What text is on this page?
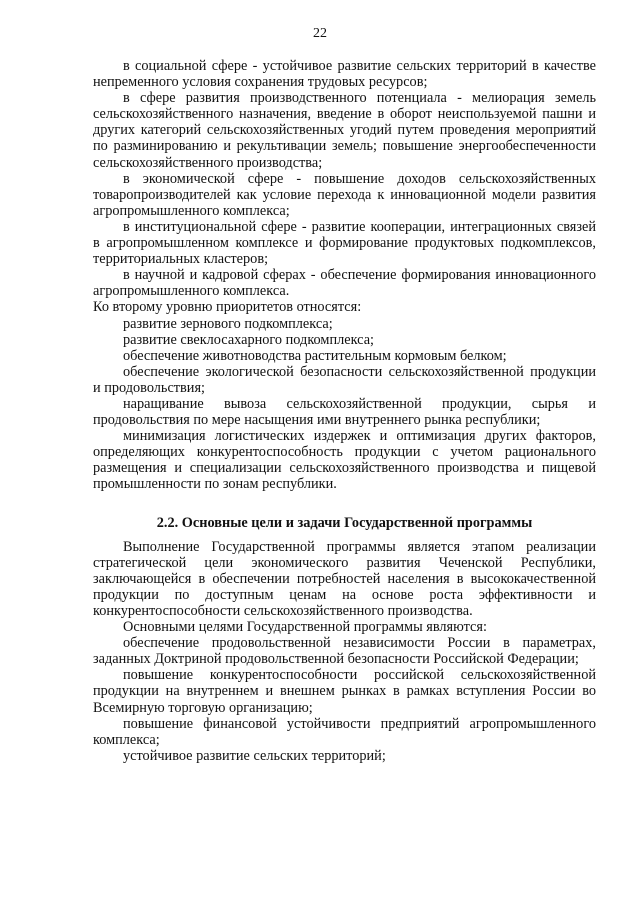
22

в социальной сфере - устойчивое развитие сельских территорий в качестве непременного условия сохранения трудовых ресурсов;

в сфере развития производственного потенциала - мелиорация земель сельскохозяйственного назначения, введение в оборот неиспользуемой пашни и других категорий сельскохозяйственных угодий путем проведения мероприятий по разминированию и рекультивации земель; повышение энергообеспеченности сельскохозяйственного производства;

в экономической сфере - повышение доходов сельскохозяйственных товаропроизводителей как условие перехода к инновационной модели развития агропромышленного комплекса;

в институциональной сфере - развитие кооперации, интеграционных связей в агропромышленном комплексе и формирование продуктовых подкомплексов, территориальных кластеров;

в научной и кадровой сферах - обеспечение формирования инновационного агропромышленного комплекса.

Ко второму уровню приоритетов относятся:

развитие зернового подкомплекса;

развитие свеклосахарного подкомплекса;

обеспечение животноводства растительным кормовым белком;

обеспечение экологической безопасности сельскохозяйственной продукции и продовольствия;

наращивание вывоза сельскохозяйственной продукции, сырья и продовольствия по мере насыщения ими внутреннего рынка республики;

минимизация логистических издержек и оптимизация других факторов, определяющих конкурентоспособность продукции с учетом рационального размещения и специализации сельскохозяйственного производства и пищевой промышленности по зонам республики.

2.2. Основные цели и задачи Государственной программы

Выполнение Государственной программы является этапом реализации стратегической цели экономического развития Чеченской Республики, заключающейся в обеспечении потребностей населения в высококачественной продукции по доступным ценам на основе роста эффективности и конкурентоспособности сельскохозяйственного производства.

Основными целями Государственной программы являются:

обеспечение продовольственной независимости России в параметрах, заданных Доктриной продовольственной безопасности Российской Федерации;

повышение конкурентоспособности российской сельскохозяйственной продукции на внутреннем и внешнем рынках в рамках вступления России во Всемирную торговую организацию;

повышение финансовой устойчивости предприятий агропромышленного комплекса;

устойчивое развитие сельских территорий;
